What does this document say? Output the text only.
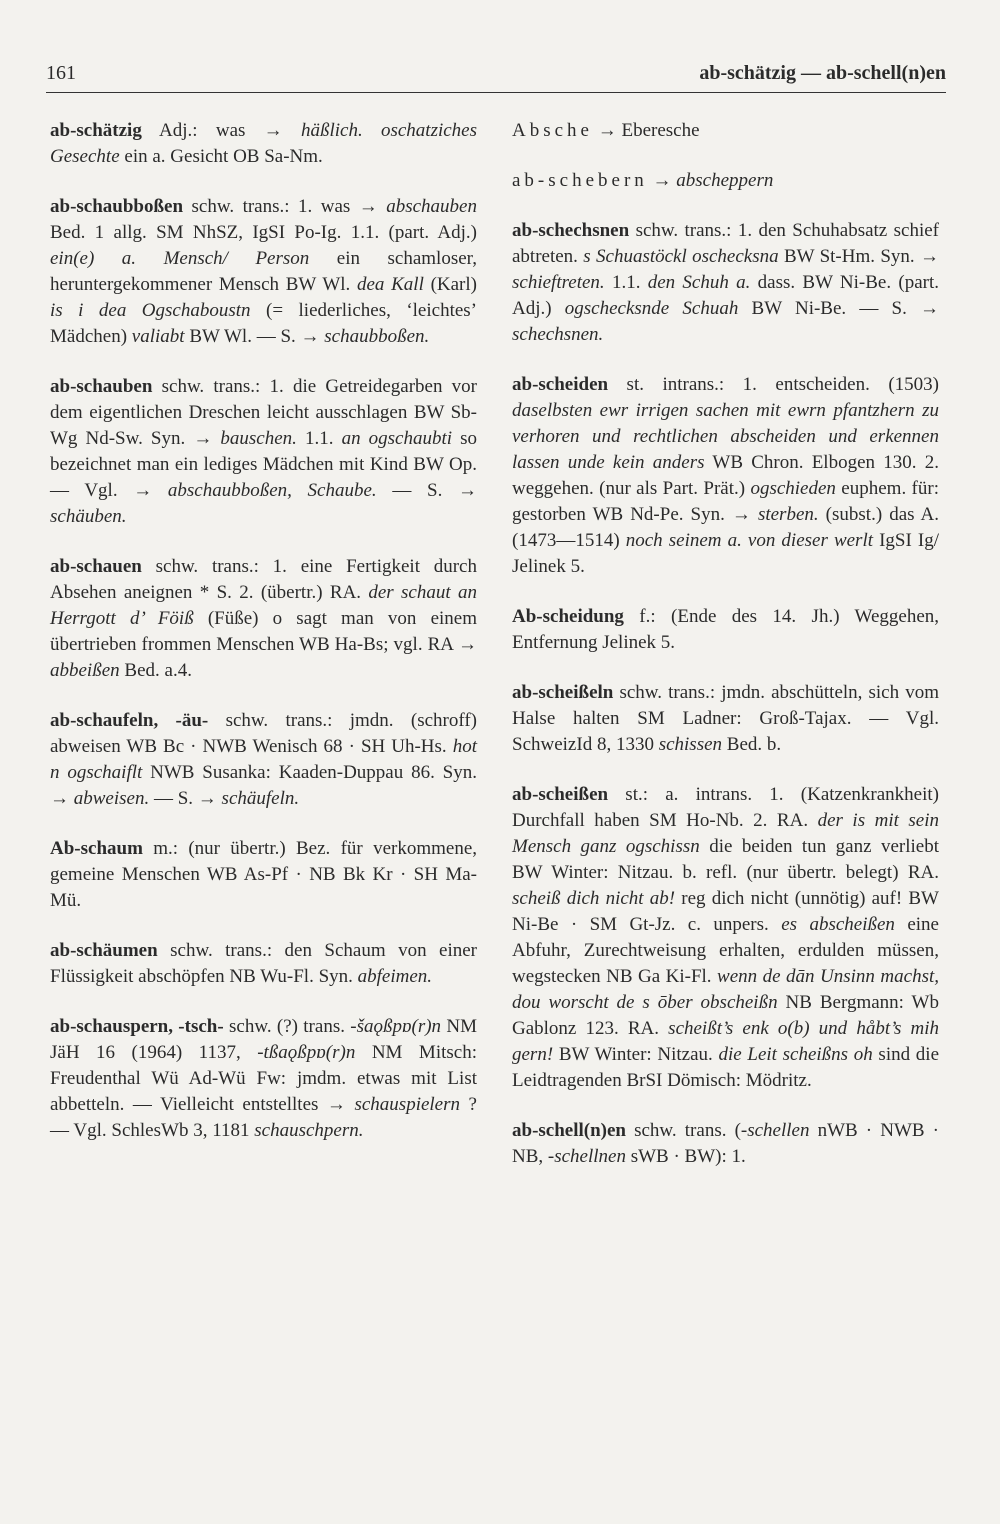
161	ab-schätzig — ab-schell(n)en

ab-schätzig Adj.: was → häßlich. oschatziches Gesechte ein a. Gesicht OB Sa-Nm.

ab-schaubboßen schw. trans.: 1. was → abschauben Bed. 1 allg. SM NhSZ, IgSI Po-Ig. 1.1. (part. Adj.) ein(e) a. Mensch/ Person ein schamloser, heruntergekommener Mensch BW Wl. dea Kall (Karl) is i dea Ogschaboustn (= liederliches, ‘leichtes’ Mädchen) valiabt BW Wl. — S. → schaubboßen.

ab-schauben schw. trans.: 1. die Getreidegarben vor dem eigentlichen Dreschen leicht ausschlagen BW Sb-Wg Nd-Sw. Syn. → bauschen. 1.1. an ogschaubti so bezeichnet man ein lediges Mädchen mit Kind BW Op. — Vgl. → abschaubboßen, Schaube. — S. → schäuben.

ab-schauen schw. trans.: 1. eine Fertigkeit durch Absehen aneignen * S. 2. (übertr.) RA. der schaut an Herrgott d’ Föiß (Füße) o sagt man von einem übertrieben frommen Menschen WB Ha-Bs; vgl. RA → abbeißen Bed. a.4.

ab-schaufeln, -äu- schw. trans.: jmdn. (schroff) abweisen WB Bc · NWB Wenisch 68 · SH Uh-Hs. hot n ogschaiflt NWB Susanka: Kaaden-Duppau 86. Syn. → abweisen. — S. → schäufeln.

Ab-schaum m.: (nur übertr.) Bez. für verkommene, gemeine Menschen WB As-Pf · NB Bk Kr · SH Ma-Mü.

ab-schäumen schw. trans.: den Schaum von einer Flüssigkeit abschöpfen NB Wu-Fl. Syn. abfeimen.

ab-schauspern, -tsch- schw. (?) trans. -šaǫßpɒ(r)n NM JäH 16 (1964) 1137, -tßaǫßpɒ(r)n NM Mitsch: Freudenthal Wü Ad-Wü Fw: jmdm. etwas mit List abbetteln. — Vielleicht entstelltes → schauspielern ? — Vgl. SchlesWb 3, 1181 schauschpern.

Absche → Eberesche

ab-schebern → abscheppern

ab-schechsnen schw. trans.: 1. den Schuhabsatz schief abtreten. s Schuastöckl oschecksna BW St-Hm. Syn. → schieftreten. 1.1. den Schuh a. dass. BW Ni-Be. (part. Adj.) ogschecksnde Schuah BW Ni-Be. — S. → schechsnen.

ab-scheiden st. intrans.: 1. entscheiden. (1503) daselbsten ewr irrigen sachen mit ewrn pfantzhern zu verhoren und rechtlichen abscheiden und erkennen lassen unde kein anders WB Chron. Elbogen 130. 2. weggehen. (nur als Part. Prät.) ogschieden euphem. für: gestorben WB Nd-Pe. Syn. → sterben. (subst.) das A. (1473—1514) noch seinem a. von dieser werlt IgSI Ig/ Jelinek 5.

Ab-scheidung f.: (Ende des 14. Jh.) Weggehen, Entfernung Jelinek 5.

ab-scheißeln schw. trans.: jmdn. abschütteln, sich vom Halse halten SM Ladner: Groß-Tajax. — Vgl. SchweizId 8, 1330 schissen Bed. b.

ab-scheißen st.: a. intrans. 1. (Katzenkrankheit) Durchfall haben SM Ho-Nb. 2. RA. der is mit sein Mensch ganz ogschissn die beiden tun ganz verliebt BW Winter: Nitzau. b. refl. (nur übertr. belegt) RA. scheiß dich nicht ab! reg dich nicht (unnötig) auf! BW Ni-Be · SM Gt-Jz. c. unpers. es abscheißen eine Abfuhr, Zurechtweisung erhalten, erdulden müssen, wegstecken NB Ga Ki-Fl. wenn de dān Unsinn machst, dou worscht de s ōber obscheißn NB Bergmann: Wb Gablonz 123. RA. scheißt’s enk o(b) und håbt’s mih gern! BW Winter: Nitzau. die Leit scheißns oh sind die Leidtragenden BrSI Dömisch: Mödritz.

ab-schell(n)en schw. trans. (-schellen nWB · NWB · NB, -schellnen sWB · BW): 1.
